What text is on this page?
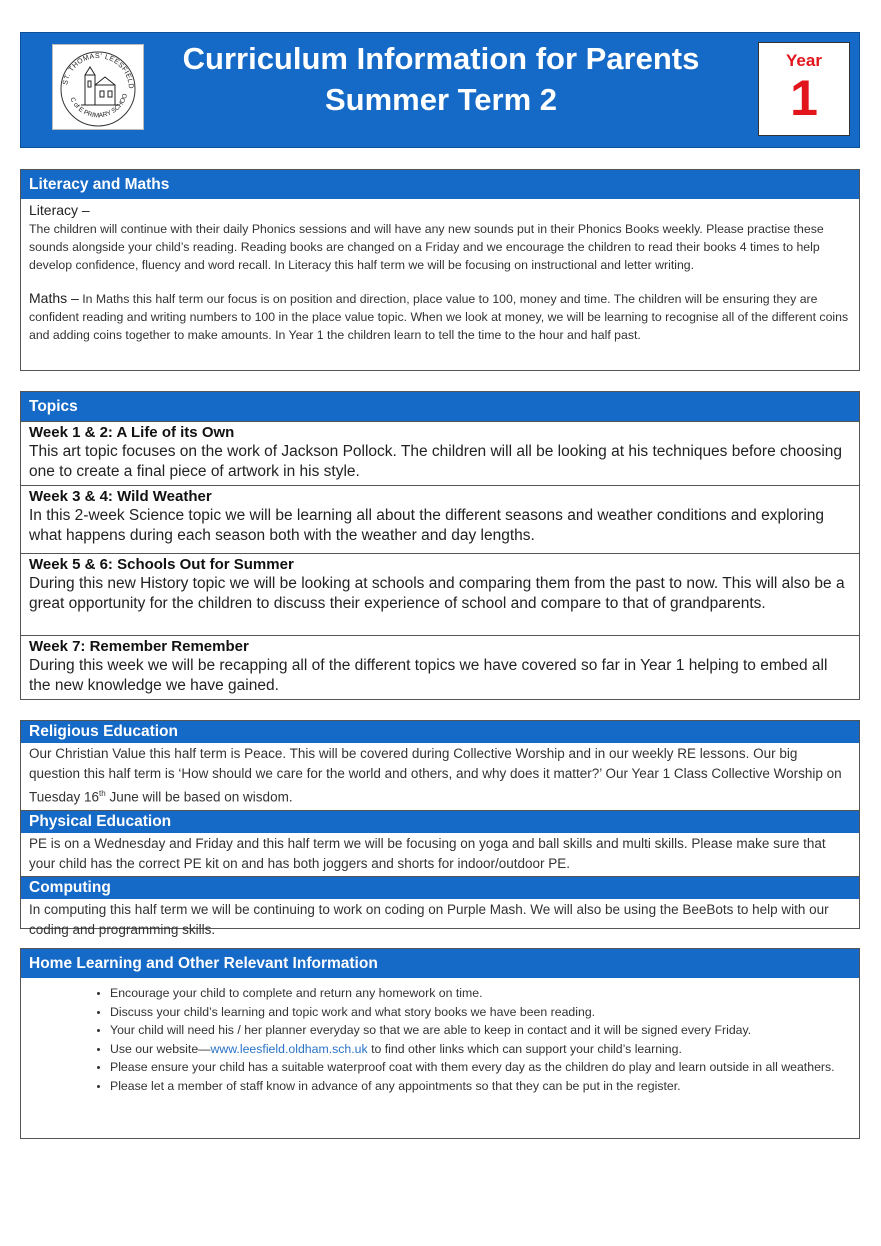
ST. THOMAS' LEESFIELD
C of E PRIMARY SCHOO
Curriculum Information for Parents
Summer Term 2
Year
1
Literacy and Maths
Literacy –
The children will continue with their daily Phonics sessions and will have any new sounds put in their Phonics Books weekly. Please practise these sounds alongside your child’s reading. Reading books are changed on a Friday and we encourage the children to read their books 4 times to help develop confidence, fluency and word recall. In Literacy this half term we will be focusing on instructional and letter writing.
Maths – In Maths this half term our focus is on position and direction, place value to 100, money and time. The children will be ensuring they are confident reading and writing numbers to 100 in the place value topic. When we look at money, we will be learning to recognise all of the different coins and adding coins together to make amounts. In Year 1 the children learn to tell the time to the hour and half past.
Topics
Week 1 & 2: A Life of its Own
This art topic focuses on the work of Jackson Pollock. The children will all be looking at his techniques before choosing one to create a final piece of artwork in his style.
Week 3 & 4: Wild Weather
In this 2-week Science topic we will be learning all about the different seasons and weather conditions and exploring what happens during each season both with the weather and day lengths.
Week 5 & 6: Schools Out for Summer
During this new History topic we will be looking at schools and comparing them from the past to now. This will also be a great opportunity for the children to discuss their experience of school and compare to that of grandparents.
Week 7: Remember Remember
During this week we will be recapping all of the different topics we have covered so far in Year 1 helping to embed all the new knowledge we have gained.
Religious Education
Our Christian Value this half term is Peace. This will be covered during Collective Worship and in our weekly RE lessons. Our big question this half term is ‘How should we care for the world and others, and why does it matter?’ Our Year 1 Class Collective Worship on Tuesday 16th June will be based on wisdom.
Physical Education
PE is on a Wednesday and Friday and this half term we will be focusing on yoga and ball skills and multi skills. Please make sure that your child has the correct PE kit on and has both joggers and shorts for indoor/outdoor PE.
Computing
In computing this half term we will be continuing to work on coding on Purple Mash. We will also be using the BeeBots to help with our coding and programming skills.
Home Learning and Other Relevant Information
• Encourage your child to complete and return any homework on time.
• Discuss your child’s learning and topic work and what story books we have been reading.
• Your child will need his / her planner everyday so that we are able to keep in contact and it will be signed every Friday.
• Use our website—www.leesfield.oldham.sch.uk to find other links which can support your child’s learning.
• Please ensure your child has a suitable waterproof coat with them every day as the children do play and learn outside in all weathers.
• Please let a member of staff know in advance of any appointments so that they can be put in the register.
